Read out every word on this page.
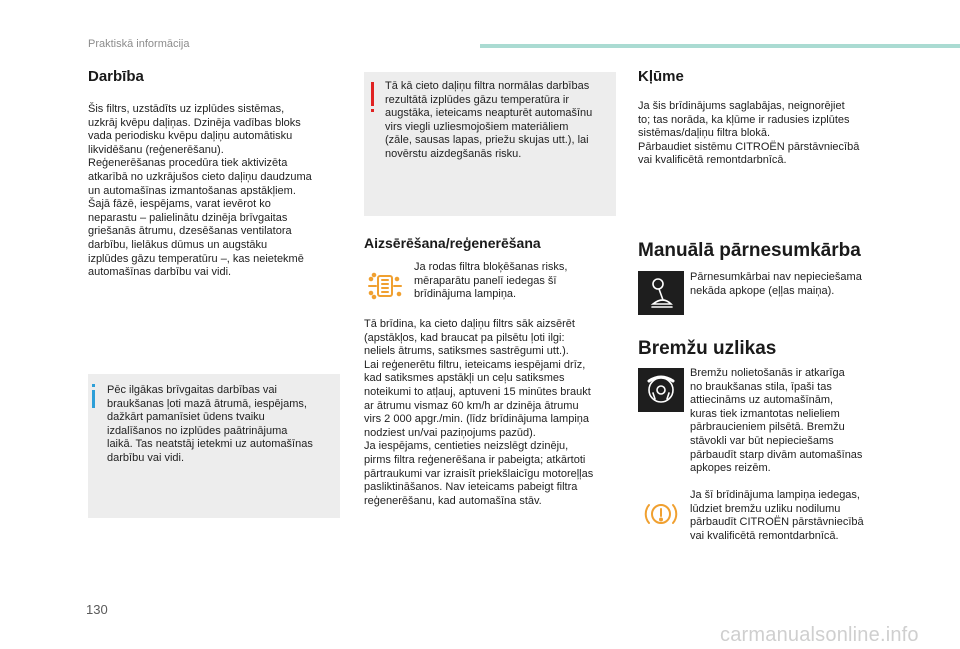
Praktiskā informācija
Darbība
Šis filtrs, uzstādīts uz izplūdes sistēmas,
uzkrāj kvēpu daļiņas. Dzinēja vadības bloks
vada periodisku kvēpu daļiņu automātisku
likvidēšanu (reģenerēšanu).
Reģenerēšanas procedūra tiek aktivizēta
atkarībā no uzkrājušos cieto daļiņu daudzuma
un automašīnas izmantošanas apstākļiem.
Šajā fāzē, iespējams, varat ievērot ko
neparastu – palielinātu dzinēja brīvgaitas
griešanās ātrumu, dzesēšanas ventilatora
darbību, lielākus dūmus un augstāku
izplūdes gāzu temperatūru –, kas neietekmē
automašīnas darbību vai vidi.
Pēc ilgākas brīvgaitas darbības vai
braukšanas ļoti mazā ātrumā, iespējams,
dažkārt pamanīsiet ūdens tvaiku
izdalīšanos no izplūdes paātrinājuma
laikā. Tas neatstāj ietekmi uz automašīnas
darbību vai vidi.
Tā kā cieto daļiņu filtra normālas darbības
rezultātā izplūdes gāzu temperatūra ir
augstāka, ieteicams neapturēt automašīnu
virs viegli uzliesmojošiem materiāliem
(zāle, sausas lapas, priežu skujas utt.), lai
novērstu aizdegšanās risku.
Aizsērēšana/reģenerēšana
Ja rodas filtra bloķēšanas risks,
mēraparātu panelī iedegas šī
brīdinājuma lampiņa.
Tā brīdina, ka cieto daļiņu filtrs sāk aizsērēt
(apstākļos, kad braucat pa pilsētu ļoti ilgi:
neliels ātrums, satiksmes sastrēgumi utt.).
Lai reģenerētu filtru, ieteicams iespējami drīz,
kad satiksmes apstākļi un ceļu satiksmes
noteikumi to atļauj, aptuveni 15 minūtes braukt
ar ātrumu vismaz 60 km/h ar dzinēja ātrumu
virs 2 000 apgr./min. (līdz brīdinājuma lampiņa
nodziest un/vai paziņojums pazūd).
Ja iespējams, centieties neizslēgt dzinēju,
pirms filtra reģenerēšana ir pabeigta; atkārtoti
pārtraukumi var izraisīt priekšlaicīgu motoreļļas
pasliktināšanos. Nav ieteicams pabeigt filtra
reģenerēšanu, kad automašīna stāv.
Kļūme
Ja šis brīdinājums saglabājas, neignorējiet
to; tas norāda, ka kļūme ir radusies izplūtes
sistēmas/daļiņu filtra blokā.
Pārbaudiet sistēmu CITROËN pārstāvniecībā
vai kvalificētā remontdarbnīcā.
Manuālā pārnesumkārba
Pārnesumkārbai nav nepieciešama
nekāda apkope (eļļas maiņa).
Bremžu uzlikas
Bremžu nolietošanās ir atkarīga
no braukšanas stila, īpaši tas
attiecināms uz automašīnām,
kuras tiek izmantotas nelieliem
pārbraucieniem pilsētā. Bremžu
stāvokli var būt nepieciešams
pārbaudīt starp divām automašīnas
apkopes reizēm.
Ja šī brīdinājuma lampiņa iedegas,
lūdziet bremžu uzliku nodilumu
pārbaudīt CITROËN pārstāvniecībā
vai kvalificētā remontdarbnīcā.
130
carmanualsonline.info
